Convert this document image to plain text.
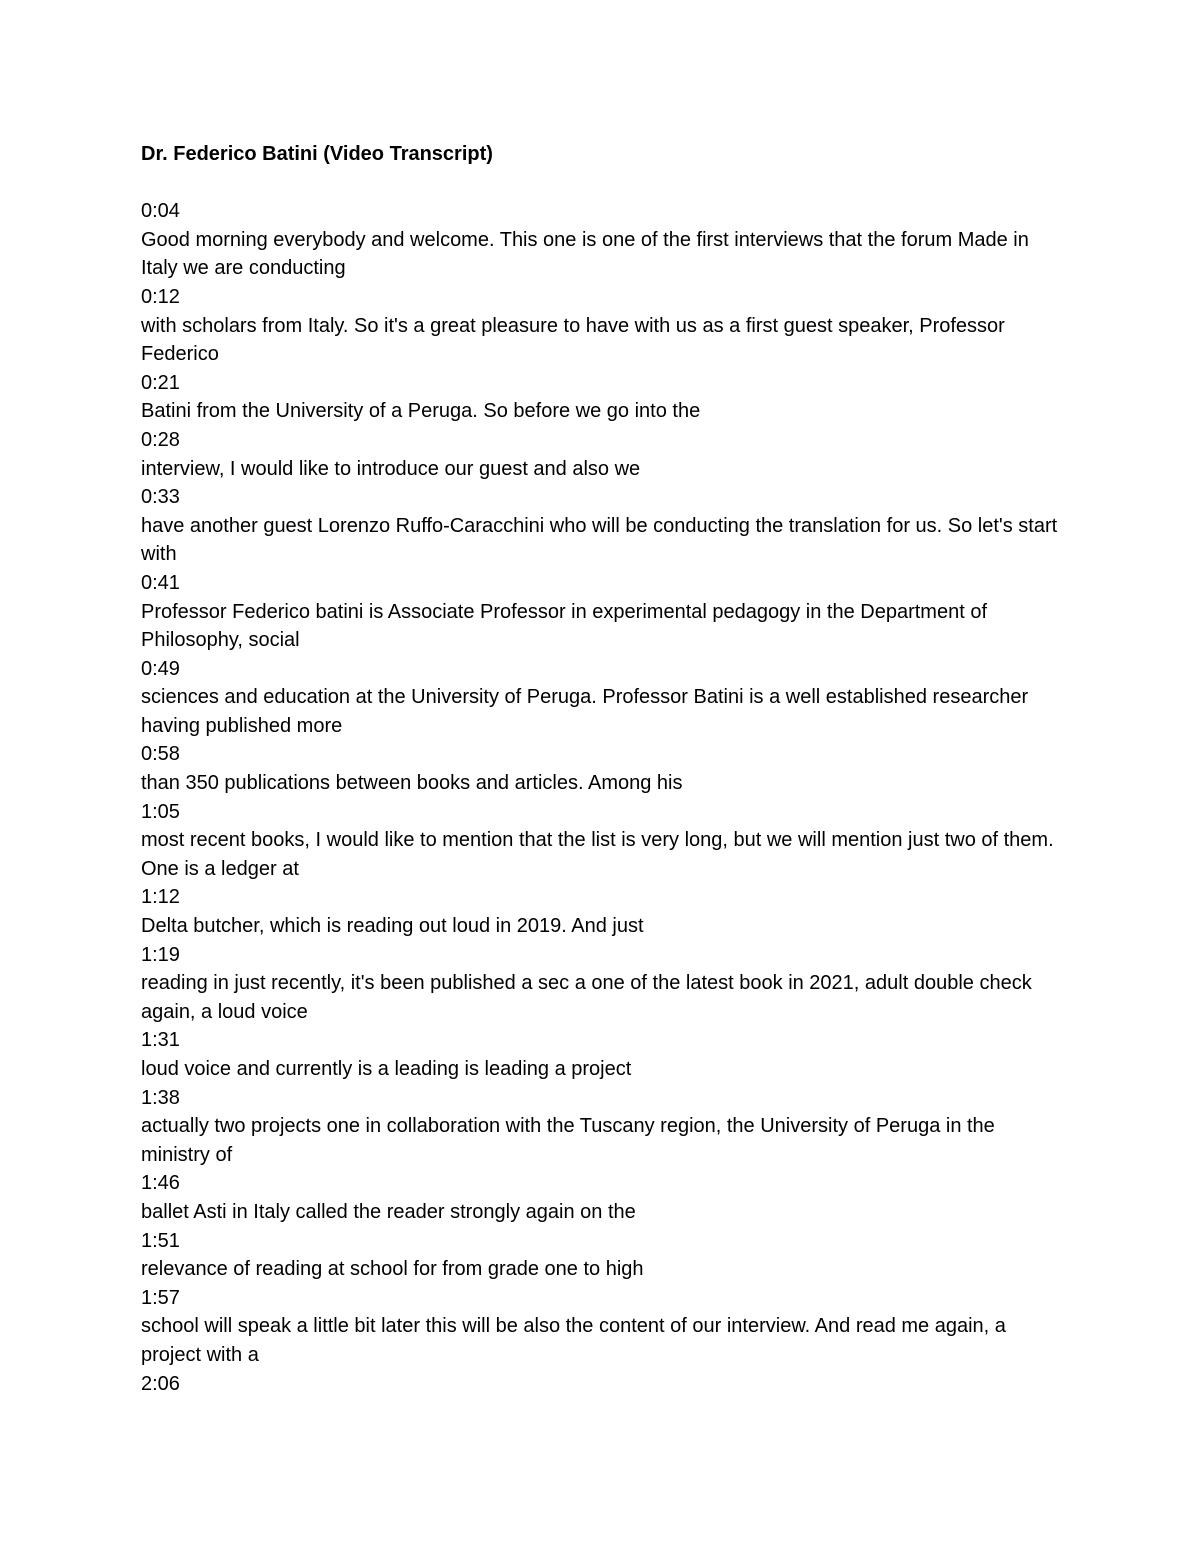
Dr. Federico Batini (Video Transcript)
0:04
Good morning everybody and welcome. This one is one of the first interviews that the forum Made in Italy we are conducting
0:12
with scholars from Italy. So it's a great pleasure to have with us as a first guest speaker, Professor Federico
0:21
Batini from the University of a Peruga. So before we go into the
0:28
interview, I would like to introduce our guest and also we
0:33
have another guest Lorenzo Ruffo-Caracchini who will be conducting the translation for us. So let's start with
0:41
Professor Federico batini is Associate Professor in experimental pedagogy in the Department of Philosophy, social
0:49
sciences and education at the University of Peruga. Professor Batini is a well established researcher having published more
0:58
than 350 publications between books and articles. Among his
1:05
most recent books, I would like to mention that the list is very long, but we will mention just two of them. One is a ledger at
1:12
Delta butcher, which is reading out loud in 2019. And just
1:19
reading in just recently, it's been published a sec a one of the latest book in 2021, adult double check again, a loud voice
1:31
loud voice and currently is a leading is leading a project
1:38
actually two projects one in collaboration with the Tuscany region, the University of Peruga in the ministry of
1:46
ballet Asti in Italy called the reader strongly again on the
1:51
relevance of reading at school for from grade one to high
1:57
school will speak a little bit later this will be also the content of our interview. And read me again, a project with a
2:06
